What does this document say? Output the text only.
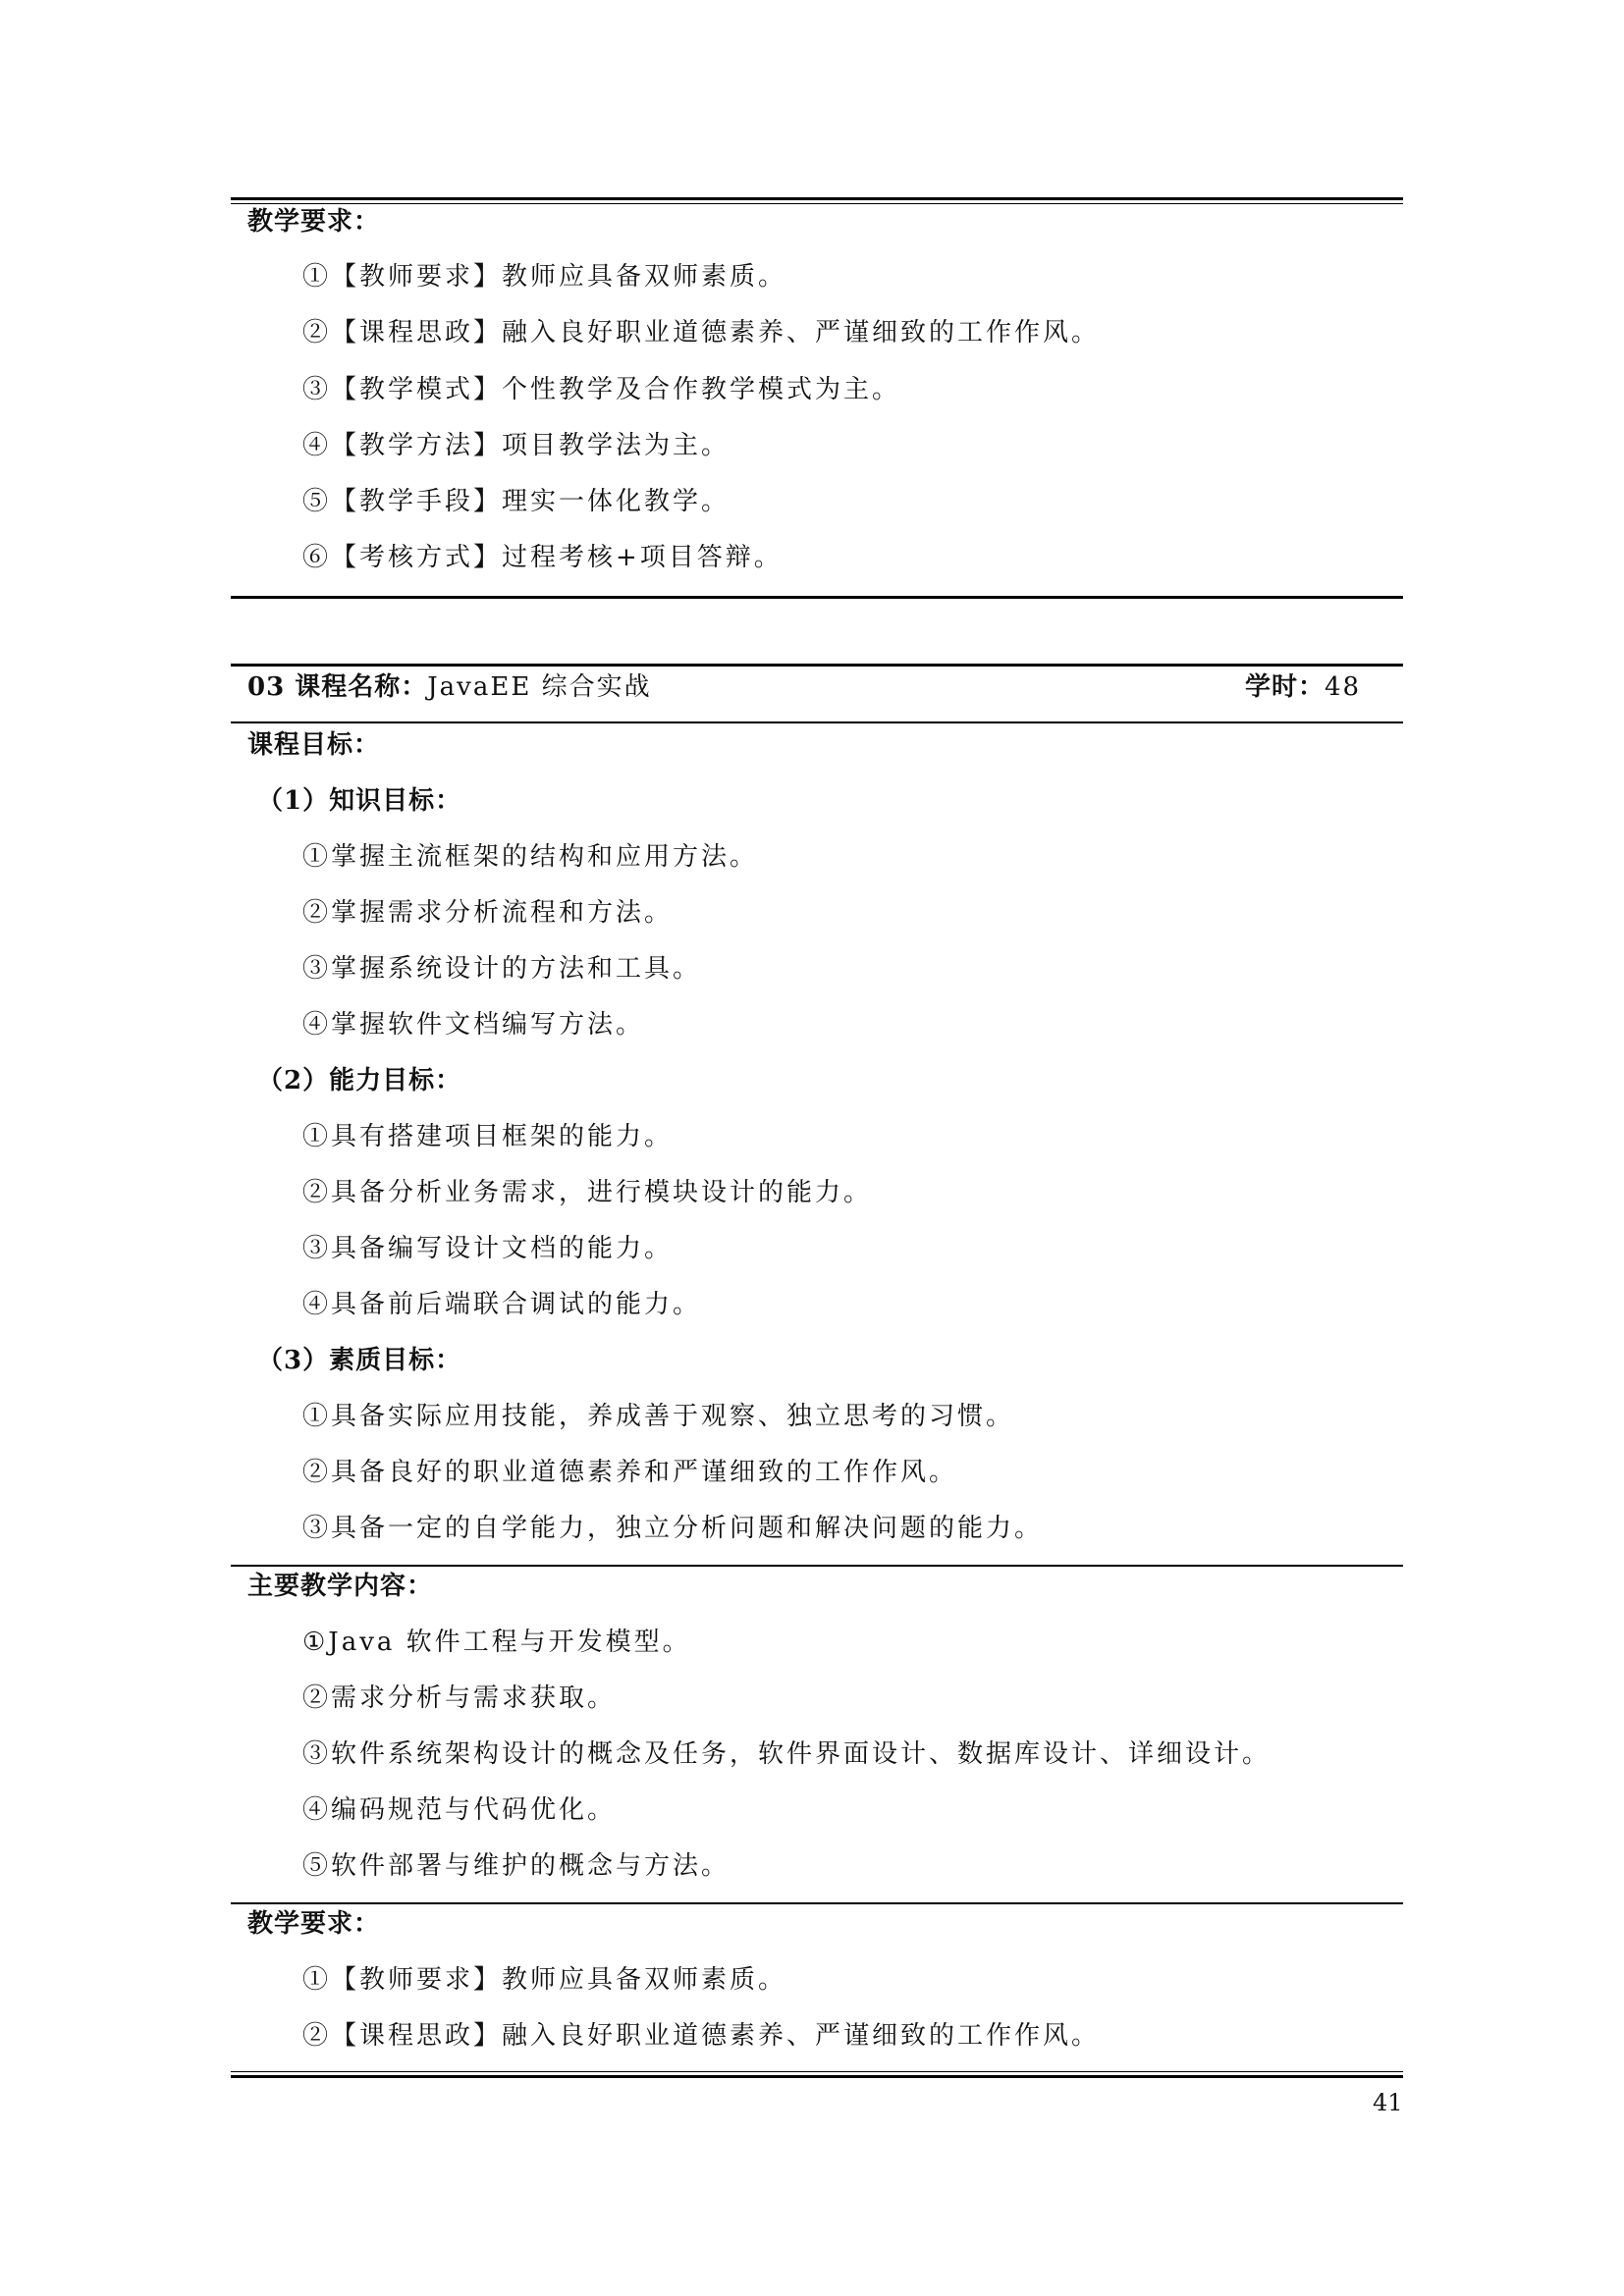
教学要求：
①【教师要求】教师应具备双师素质。
②【课程思政】融入良好职业道德素养、严谨细致的工作作风。
③【教学模式】个性教学及合作教学模式为主。
④【教学方法】项目教学法为主。
⑤【教学手段】理实一体化教学。
⑥【考核方式】过程考核+项目答辩。
03 课程名称：JavaEE 综合实战	学时：48
课程目标：
（1）知识目标：
①掌握主流框架的结构和应用方法。
②掌握需求分析流程和方法。
③掌握系统设计的方法和工具。
④掌握软件文档编写方法。
（2）能力目标：
①具有搭建项目框架的能力。
②具备分析业务需求，进行模块设计的能力。
③具备编写设计文档的能力。
④具备前后端联合调试的能力。
（3）素质目标：
①具备实际应用技能，养成善于观察、独立思考的习惯。
②具备良好的职业道德素养和严谨细致的工作作风。
③具备一定的自学能力，独立分析问题和解决问题的能力。
主要教学内容：
①Java 软件工程与开发模型。
②需求分析与需求获取。
③软件系统架构设计的概念及任务，软件界面设计、数据库设计、详细设计。
④编码规范与代码优化。
⑤软件部署与维护的概念与方法。
教学要求：
①【教师要求】教师应具备双师素质。
②【课程思政】融入良好职业道德素养、严谨细致的工作作风。
41
